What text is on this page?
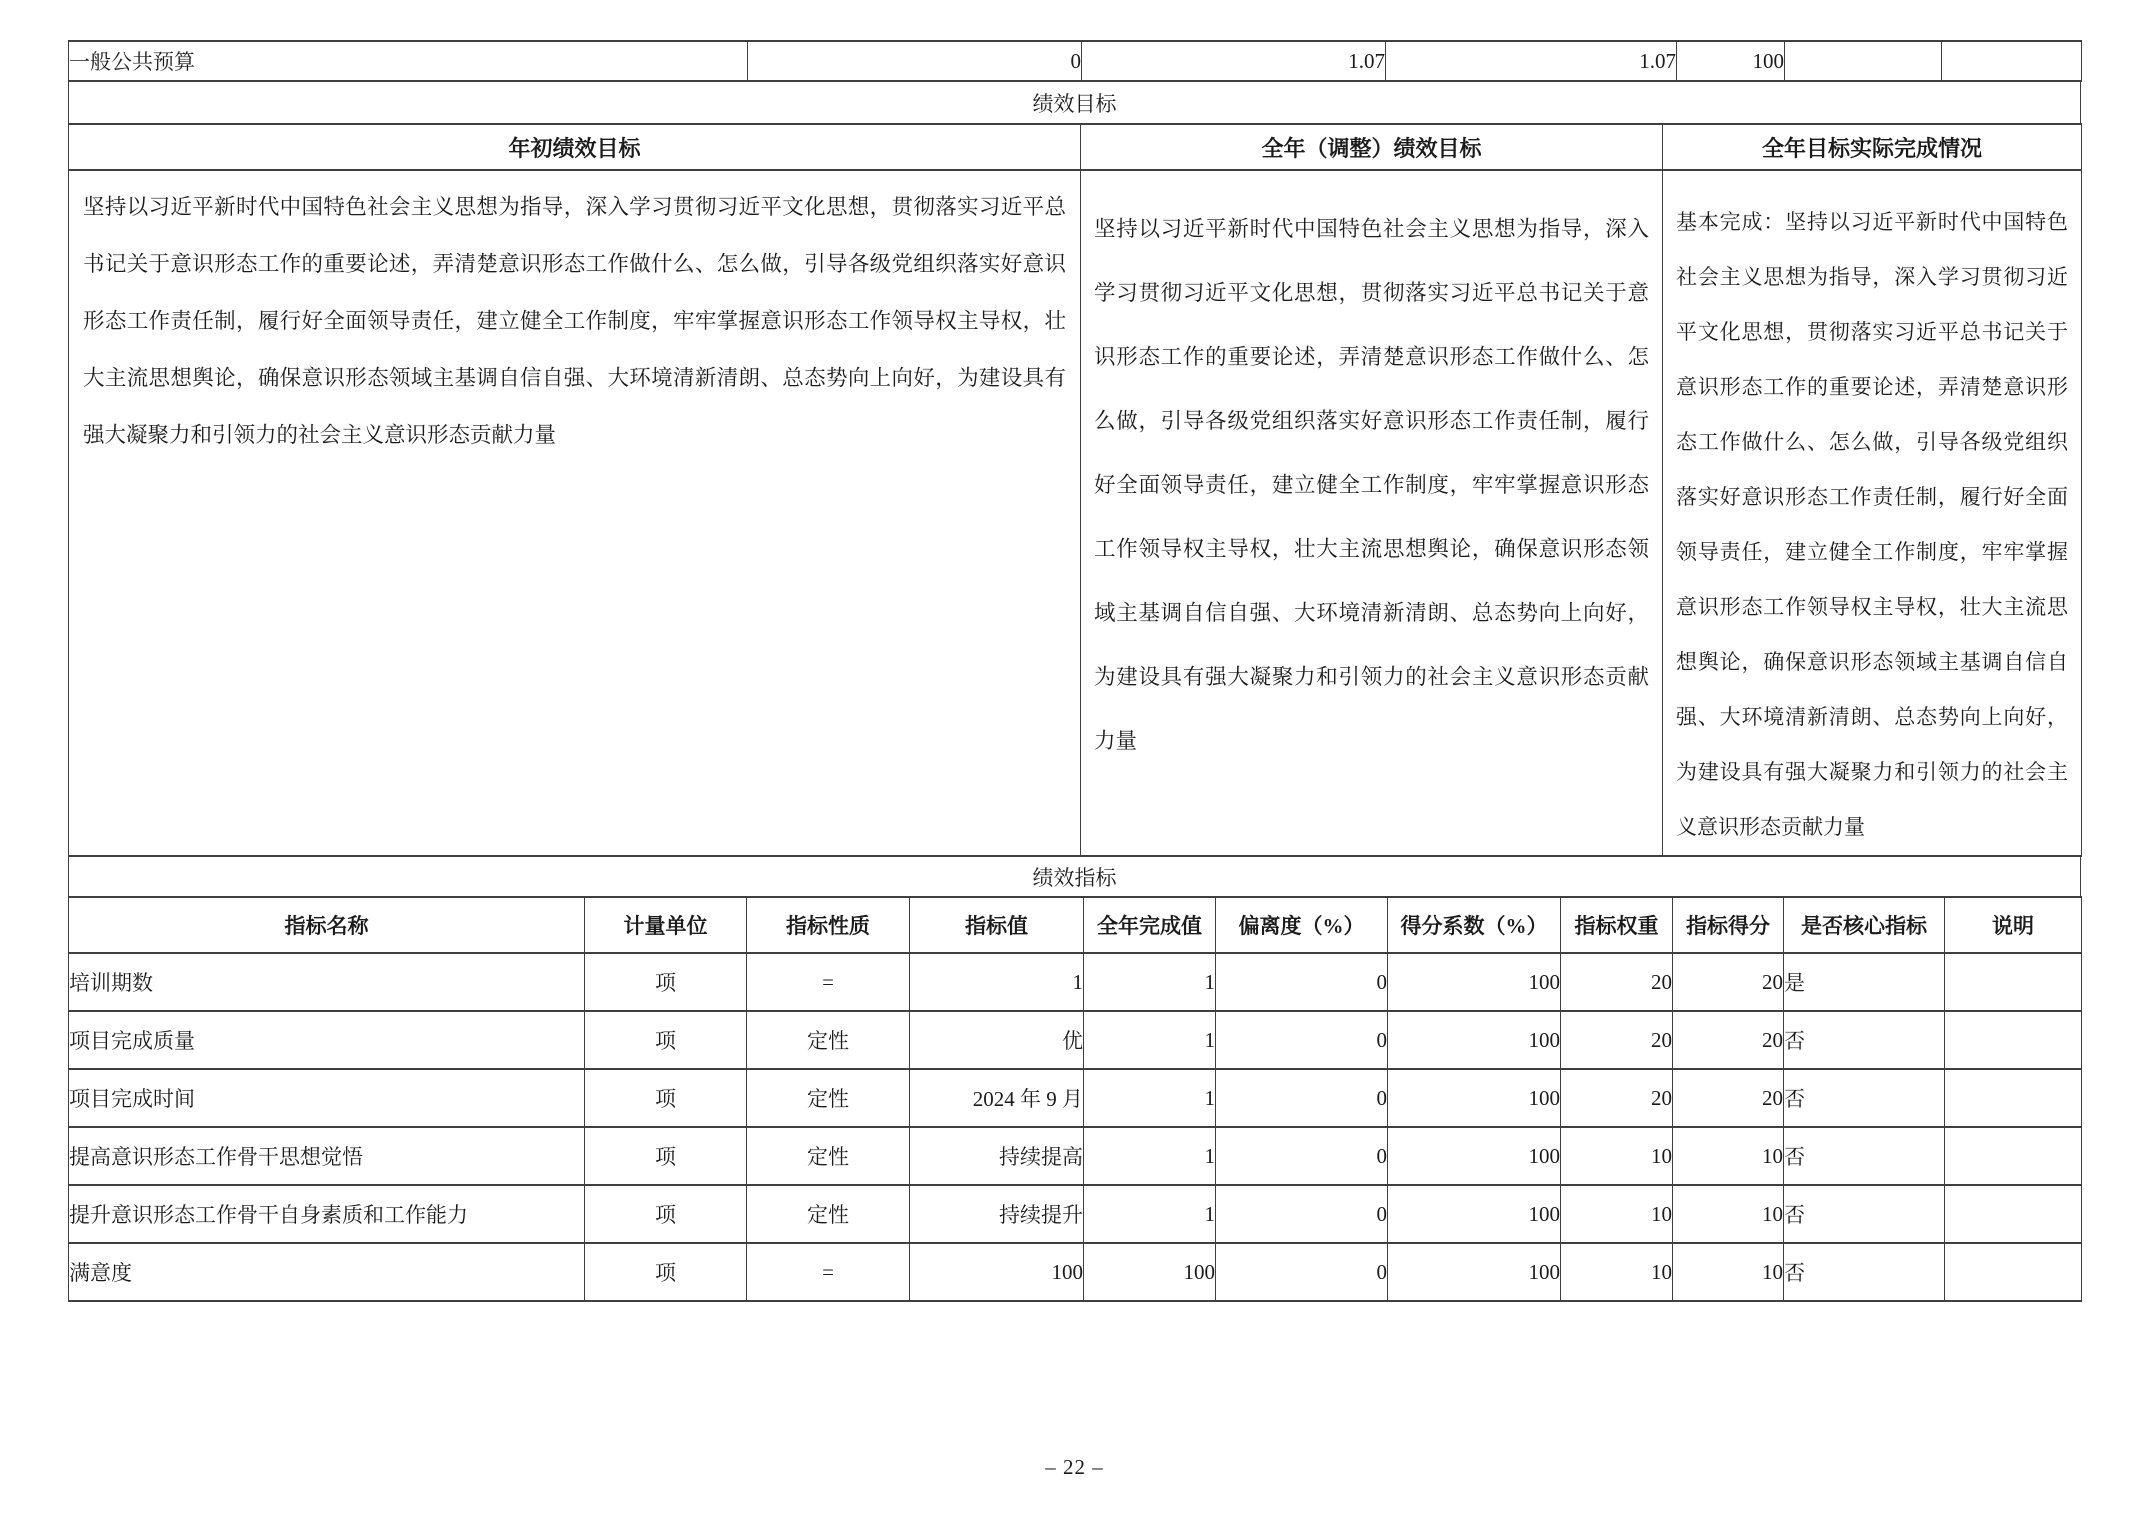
一般公共预算	0	1.07	1.07	100		
绩效目标
年初绩效目标	全年（调整）绩效目标	全年目标实际完成情况

坚持以习近平新时代中国特色社会主义思想为指导，深入学习贯彻习近平文化思想，贯彻落实习近平总书记关于意识形态工作的重要论述，弄清楚意识形态工作做什么、怎么做，引导各级党组织落实好意识形态工作责任制，履行好全面领导责任，建立健全工作制度，牢牢掌握意识形态工作领导权主导权，壮大主流思想舆论，确保意识形态领域主基调自信自强、大环境清新清朗、总态势向上向好，为建设具有强大凝聚力和引领力的社会主义意识形态贡献力量

坚持以习近平新时代中国特色社会主义思想为指导，深入学习贯彻习近平文化思想，贯彻落实习近平总书记关于意识形态工作的重要论述，弄清楚意识形态工作做什么、怎么做，引导各级党组织落实好意识形态工作责任制，履行好全面领导责任，建立健全工作制度，牢牢掌握意识形态工作领导权主导权，壮大主流思想舆论，确保意识形态领域主基调自信自强、大环境清新清朗、总态势向上向好，为建设具有强大凝聚力和引领力的社会主义意识形态贡献力量

基本完成：坚持以习近平新时代中国特色社会主义思想为指导，深入学习贯彻习近平文化思想，贯彻落实习近平总书记关于意识形态工作的重要论述，弄清楚意识形态工作做什么、怎么做，引导各级党组织落实好意识形态工作责任制，履行好全面领导责任，建立健全工作制度，牢牢掌握意识形态工作领导权主导权，壮大主流思想舆论，确保意识形态领域主基调自信自强、大环境清新清朗、总态势向上向好，为建设具有强大凝聚力和引领力的社会主义意识形态贡献力量
绩效指标
指标名称	计量单位	指标性质	指标值	全年完成值	偏离度（%）	得分系数（%）	指标权重	指标得分	是否核心指标	说明
培训期数	项	=	1	1	0	100	20	20	是	
项目完成质量	项	定性	优	1	0	100	20	20	否	
项目完成时间	项	定性	2024 年 9 月	1	0	100	20	20	否	
提高意识形态工作骨干思想觉悟	项	定性	持续提高	1	0	100	10	10	否	
提升意识形态工作骨干自身素质和工作能力	项	定性	持续提升	1	0	100	10	10	否	
满意度	项	=	100	100	0	100	10	10	否	
– 22 –
